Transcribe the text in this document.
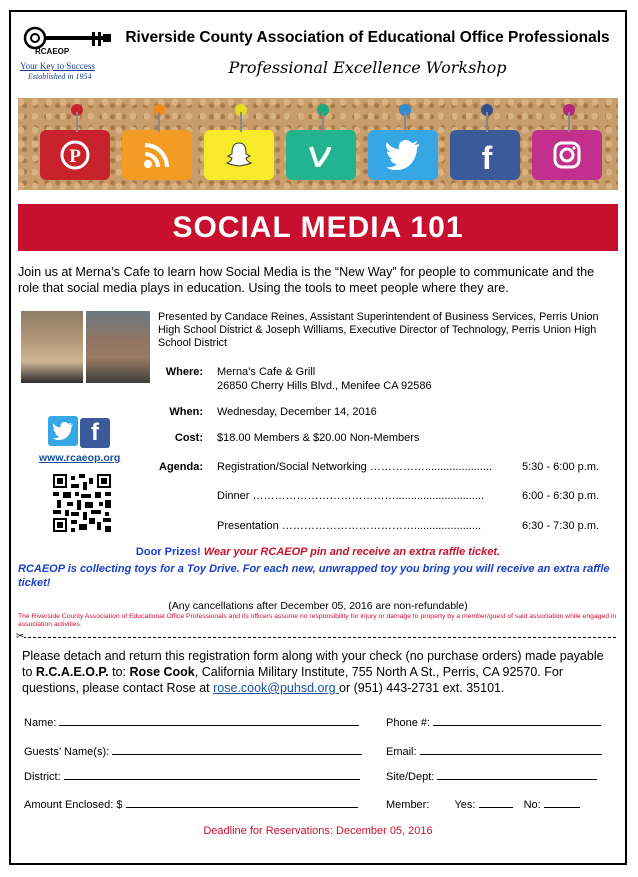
RCAEOP
Your Key to Success
Established in 1954
Riverside County Association of Educational Office Professionals
Professional Excellence Workshop
P	f
SOCIAL MEDIA 101
Join us at Merna’s Cafe to learn how Social Media is the “New Way” for people to communicate and the role that social media plays in education. Using the tools to meet people where they are.
Presented by Candace Reines, Assistant Superintendent of Business Services, Perris Union High School District & Joseph Williams, Executive Director of Technology, Perris Union High School District
Where: Merna’s Cafe & Grill
26850 Cherry Hills Blvd., Menifee CA 92586
When: Wednesday, December 14, 2016
Cost: $18.00 Members & $20.00 Non-Members
Agenda: Registration/Social Networking ……………......................	5:30 - 6:00 p.m.
Dinner ………………………………….............................	6:00 - 6:30 p.m.
Presentation ………………………………......................	6:30 - 7:30 p.m.
f
www.rcaeop.org
Door Prizes! Wear your RCAEOP pin and receive an extra raffle ticket.
RCAEOP is collecting toys for a Toy Drive. For each new, unwrapped toy you bring you will receive an extra raffle ticket!
(Any cancellations after December 05, 2016 are non-refundable)
The Riverside County Association of Educational Office Professionals and its officers assume no responsibility for injury or damage to property by a member/guest of said association while engaged in association activities.
✂
Please detach and return this registration form along with your check (no purchase orders) made payable to R.C.A.E.O.P. to: Rose Cook, California Military Institute, 755 North A St., Perris, CA 92570. For questions, please contact Rose at rose.cook@puhsd.org or (951) 443-2731 ext. 35101.
Name:	Phone #:
Guests’ Name(s):	Email:
District:	Site/Dept:
Amount Enclosed: $	Member: Yes:	No:
Deadline for Reservations: December 05, 2016
